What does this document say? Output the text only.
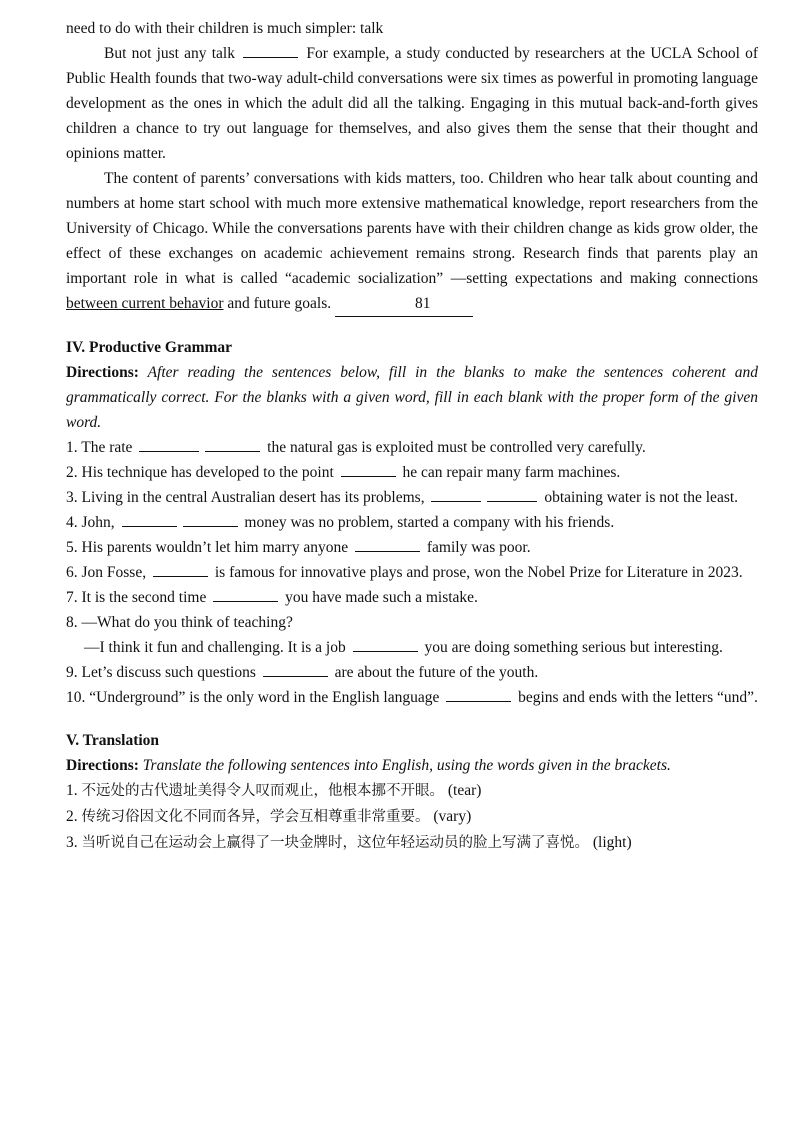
need to do with their children is much simpler: talk

But not just any talk	For example, a study conducted by researchers at the UCLA School of Public Health founds that two-way adult-child conversations were six times as powerful in promoting language development as the ones in which the adult did all the talking. Engaging in this mutual back-and-forth gives children a chance to try out language for themselves, and also gives them the sense that their thought and opinions matter.

The content of parents’ conversations with kids matters, too. Children who hear talk about counting and numbers at home start school with much more extensive mathematical knowledge, report researchers from the University of Chicago. While the conversations parents have with their children change as kids grow older, the effect of these exchanges on academic achievement remains strong. Research finds that parents play an important role in what is called “academic socialization” —setting expectations and making connections between current behavior and future goals.	81

IV. Productive Grammar
Directions: After reading the sentences below, fill in the blanks to make the sentences coherent and grammatically correct. For the blanks with a given word, fill in each blank with the proper form of the given word.
1. The rate	the natural gas is exploited must be controlled very carefully.
2. His technique has developed to the point	he can repair many farm machines.
3. Living in the central Australian desert has its problems,	obtaining water is not the least.
4. John,	money was no problem, started a company with his friends.
5. His parents wouldn’t let him marry anyone	family was poor.
6. Jon Fosse,	is famous for innovative plays and prose, won the Nobel Prize for Literature in 2023.
7. It is the second time	you have made such a mistake.
8. —What do you think of teaching?
—I think it fun and challenging. It is a job	you are doing something serious but interesting.
9. Let’s discuss such questions	are about the future of the youth.
10. “Underground” is the only word in the English language	begins and ends with the letters “und”.
V. Translation
Directions: Translate the following sentences into English, using the words given in the brackets.
1. 不远处的古代遗址美得令人叹而观止，他根本挪不开眼。 (tear)
2. 传统习俗因文化不同而各异，学会互相尊重非常重要。 (vary)
3. 当听说自己在运动会上赢得了一块金牌时，这位年轻运动员的脸上写满了喜悦。 (light)
